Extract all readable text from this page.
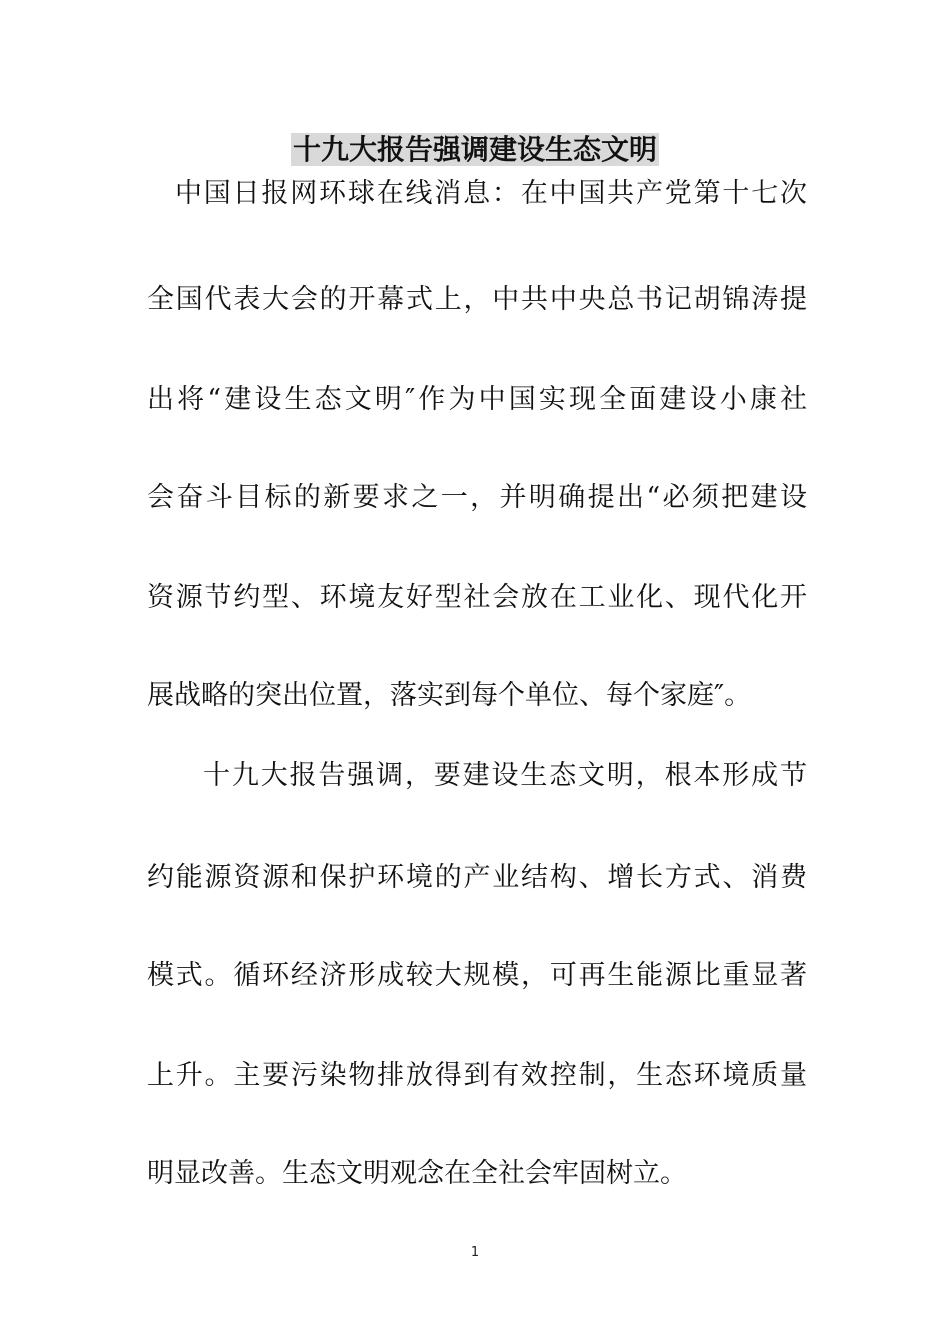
十九大报告强调建设生态文明

中国日报网环球在线消息：在中国共产党第十七次

全国代表大会的开幕式上，中共中央总书记胡锦涛提

出将“建设生态文明″作为中国实现全面建设小康社

会奋斗目标的新要求之一，并明确提出“必须把建设

资源节约型、环境友好型社会放在工业化、现代化开

展战略的突出位置，落实到每个单位、每个家庭″。

十九大报告强调，要建设生态文明，根本形成节

约能源资源和保护环境的产业结构、增长方式、消费

模式。循环经济形成较大规模，可再生能源比重显著

上升。主要污染物排放得到有效控制，生态环境质量

明显改善。生态文明观念在全社会牢固树立。

1
